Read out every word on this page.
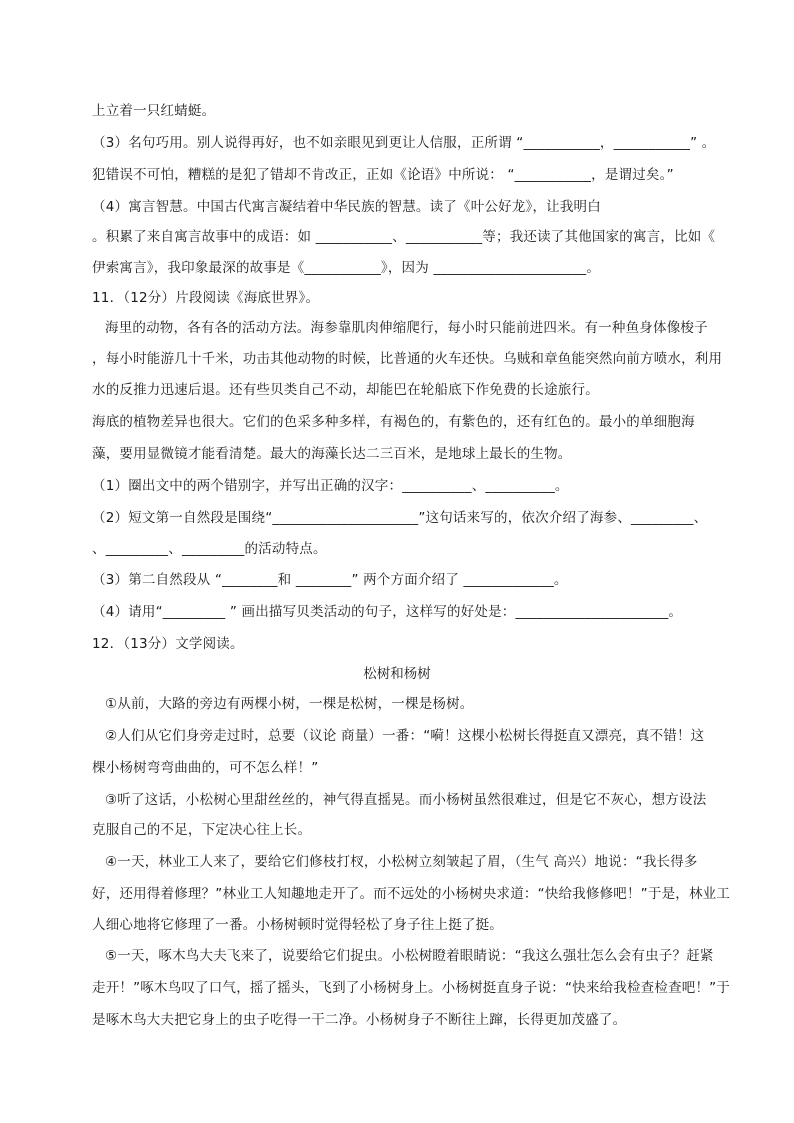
上立着一只红蜻蜓。
（3）名句巧用。别人说得再好，也不如亲眼见到更让人信服，正所谓 “___________，___________” 。
犯错误不可怕，糟糕的是犯了错却不肯改正，正如《论语》中所说： “___________，是谓过矣。”
（4）寓言智慧。中国古代寓言凝结着中华民族的智慧。读了《叶公好龙》，让我明白
。积累了来自寓言故事中的成语：如 ___________、___________等；我还读了其他国家的寓言，比如《
伊索寓言》，我印象最深的故事是《___________》，因为 ______________________。
11．（12分）片段阅读《海底世界》。
海里的动物，各有各的活动方法。海参靠肌肉伸缩爬行，每小时只能前进四米。有一种鱼身体像梭子
，每小时能游几十千米，功击其他动物的时候，比普通的火车还快。乌贼和章鱼能突然向前方喷水，利用
水的反推力迅速后退。还有些贝类自己不动，却能巴在轮船底下作免费的长途旅行。
海底的植物差异也很大。它们的色采多种多样，有褐色的，有紫色的，还有红色的。最小的单细胞海
藻，要用显微镜才能看清楚。最大的海藻长达二三百米，是地球上最长的生物。
（1）圈出文中的两个错别字，并写出正确的汉字：__________、__________。
（2）短文第一自然段是围绕“_____________________”这句话来写的，依次介绍了海参、_________、
、_________、_________的活动特点。
（3）第二自然段从 “________和 ________” 两个方面介绍了 _____________。
（4）请用“_________ ” 画出描写贝类活动的句子，这样写的好处是：______________________。
12．（13分）文学阅读。
松树和杨树
①从前，大路的旁边有两棵小树，一棵是松树，一棵是杨树。
②人们从它们身旁走过时，总要（议论 商量）一番：“嗬！这棵小松树长得挺直又漂亮，真不错！这
棵小杨树弯弯曲曲的，可不怎么样！”
③听了这话，小松树心里甜丝丝的，神气得直摇晃。而小杨树虽然很难过，但是它不灰心，想方设法
克服自己的不足，下定决心往上长。
④一天，林业工人来了，要给它们修枝打杈，小松树立刻皱起了眉，（生气 高兴）地说：“我长得多
好，还用得着修理？”林业工人知趣地走开了。而不远处的小杨树央求道：“快给我修修吧！”于是，林业工
人细心地将它修理了一番。小杨树顿时觉得轻松了身子往上挺了挺。
⑤一天，啄木鸟大夫飞来了，说要给它们捉虫。小松树瞪着眼睛说：“我这么强壮怎么会有虫子？赶紧
走开！”啄木鸟叹了口气，摇了摇头，飞到了小杨树身上。小杨树挺直身子说：“快来给我检查检查吧！”于
是啄木鸟大夫把它身上的虫子吃得一干二净。小杨树身子不断往上蹿，长得更加茂盛了。
